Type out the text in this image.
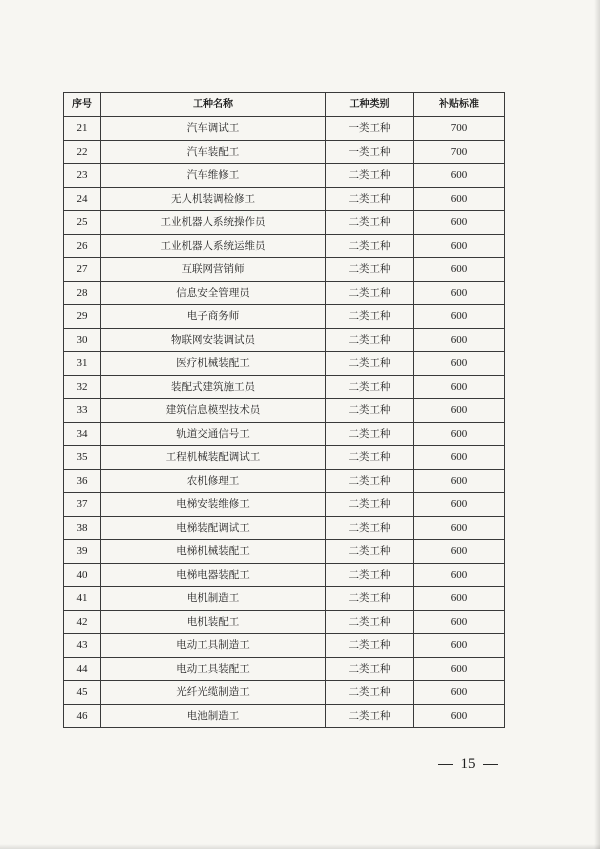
序号	工种名称	工种类别	补贴标准
21	汽车调试工	一类工种	700
22	汽车装配工	一类工种	700
23	汽车维修工	二类工种	600
24	无人机装调检修工	二类工种	600
25	工业机器人系统操作员	二类工种	600
26	工业机器人系统运维员	二类工种	600
27	互联网营销师	二类工种	600
28	信息安全管理员	二类工种	600
29	电子商务师	二类工种	600
30	物联网安装调试员	二类工种	600
31	医疗机械装配工	二类工种	600
32	装配式建筑施工员	二类工种	600
33	建筑信息模型技术员	二类工种	600
34	轨道交通信号工	二类工种	600
35	工程机械装配调试工	二类工种	600
36	农机修理工	二类工种	600
37	电梯安装维修工	二类工种	600
38	电梯装配调试工	二类工种	600
39	电梯机械装配工	二类工种	600
40	电梯电器装配工	二类工种	600
41	电机制造工	二类工种	600
42	电机装配工	二类工种	600
43	电动工具制造工	二类工种	600
44	电动工具装配工	二类工种	600
45	光纤光缆制造工	二类工种	600
46	电池制造工	二类工种	600
15
